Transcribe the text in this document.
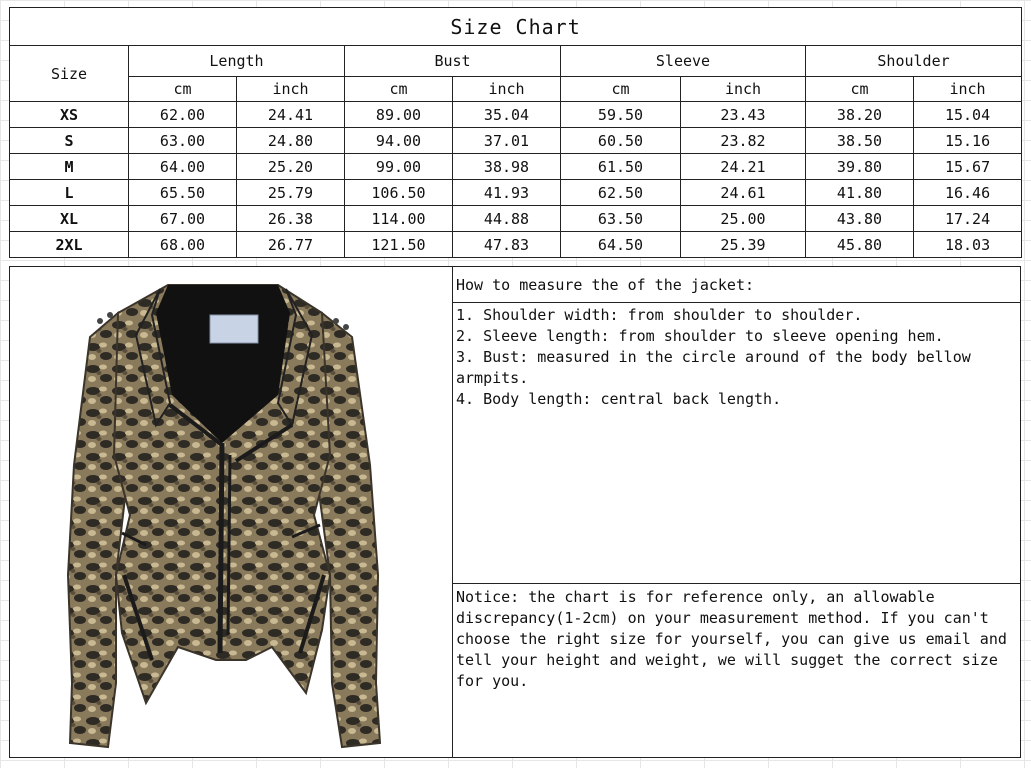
Size Chart								
Size	Length		Bust		Sleeve		Shoulder	
	cm	inch	cm	inch	cm	inch	cm	inch
XS	62.00	24.41	89.00	35.04	59.50	23.43	38.20	15.04
S	63.00	24.80	94.00	37.01	60.50	23.82	38.50	15.16
M	64.00	25.20	99.00	38.98	61.50	24.21	39.80	15.67
L	65.50	25.79	106.50	41.93	62.50	24.61	41.80	16.46
XL	67.00	26.38	114.00	44.88	63.50	25.00	43.80	17.24
2XL	68.00	26.77	121.50	47.83	64.50	25.39	45.80	18.03
How to measure the of the jacket:
1. Shoulder width: from shoulder to shoulder.
2. Sleeve length: from shoulder to sleeve opening hem.
3. Bust: measured in the circle around of the body bellow armpits.
4. Body length: central back length.

Notice: the chart is for reference only, an allowable discrepancy(1-2cm) on your measurement method. If you can't choose the right size for yourself, you can give us email and tell your height and weight, we will sugget the correct size for you.
